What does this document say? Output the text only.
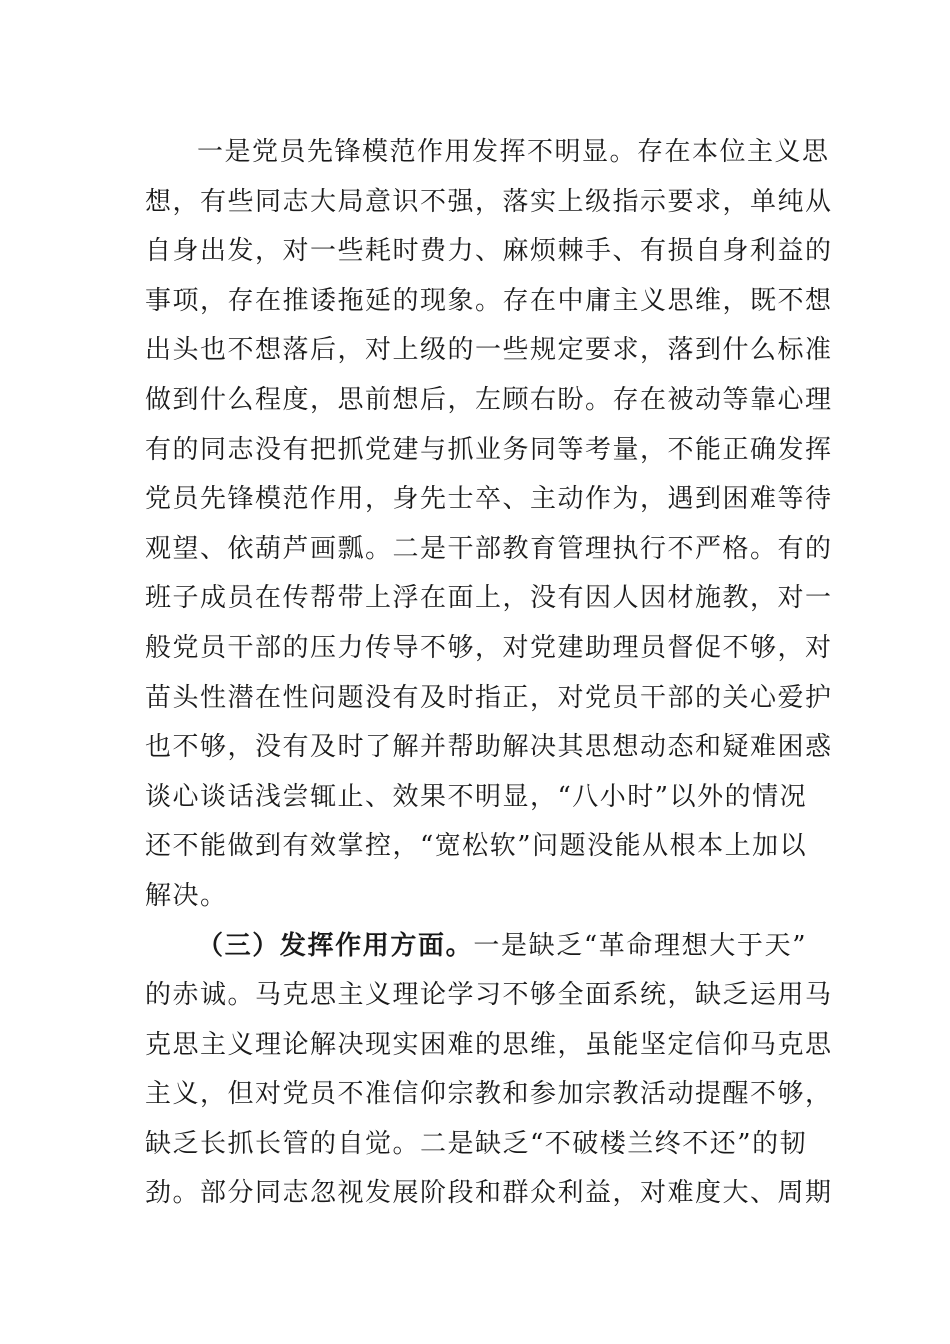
一是党员先锋模范作用发挥不明显。存在本位主义思
想，有些同志大局意识不强，落实上级指示要求，单纯从
自身出发，对一些耗时费力、麻烦棘手、有损自身利益的
事项，存在推诿拖延的现象。存在中庸主义思维，既不想
出头也不想落后，对上级的一些规定要求，落到什么标准
做到什么程度，思前想后，左顾右盼。存在被动等靠心理
有的同志没有把抓党建与抓业务同等考量，不能正确发挥
党员先锋模范作用，身先士卒、主动作为，遇到困难等待
观望、依葫芦画瓢。二是干部教育管理执行不严格。有的
班子成员在传帮带上浮在面上，没有因人因材施教，对一
般党员干部的压力传导不够，对党建助理员督促不够，对
苗头性潜在性问题没有及时指正，对党员干部的关心爱护
也不够，没有及时了解并帮助解决其思想动态和疑难困惑
谈心谈话浅尝辄止、效果不明显，“八小时”以外的情况
还不能做到有效掌控，“宽松软”问题没能从根本上加以
解决。
（三）发挥作用方面。一是缺乏“革命理想大于天”
的赤诚。马克思主义理论学习不够全面系统，缺乏运用马
克思主义理论解决现实困难的思维，虽能坚定信仰马克思
主义，但对党员不准信仰宗教和参加宗教活动提醒不够，
缺乏长抓长管的自觉。二是缺乏“不破楼兰终不还”的韧
劲。部分同志忽视发展阶段和群众利益，对难度大、周期
